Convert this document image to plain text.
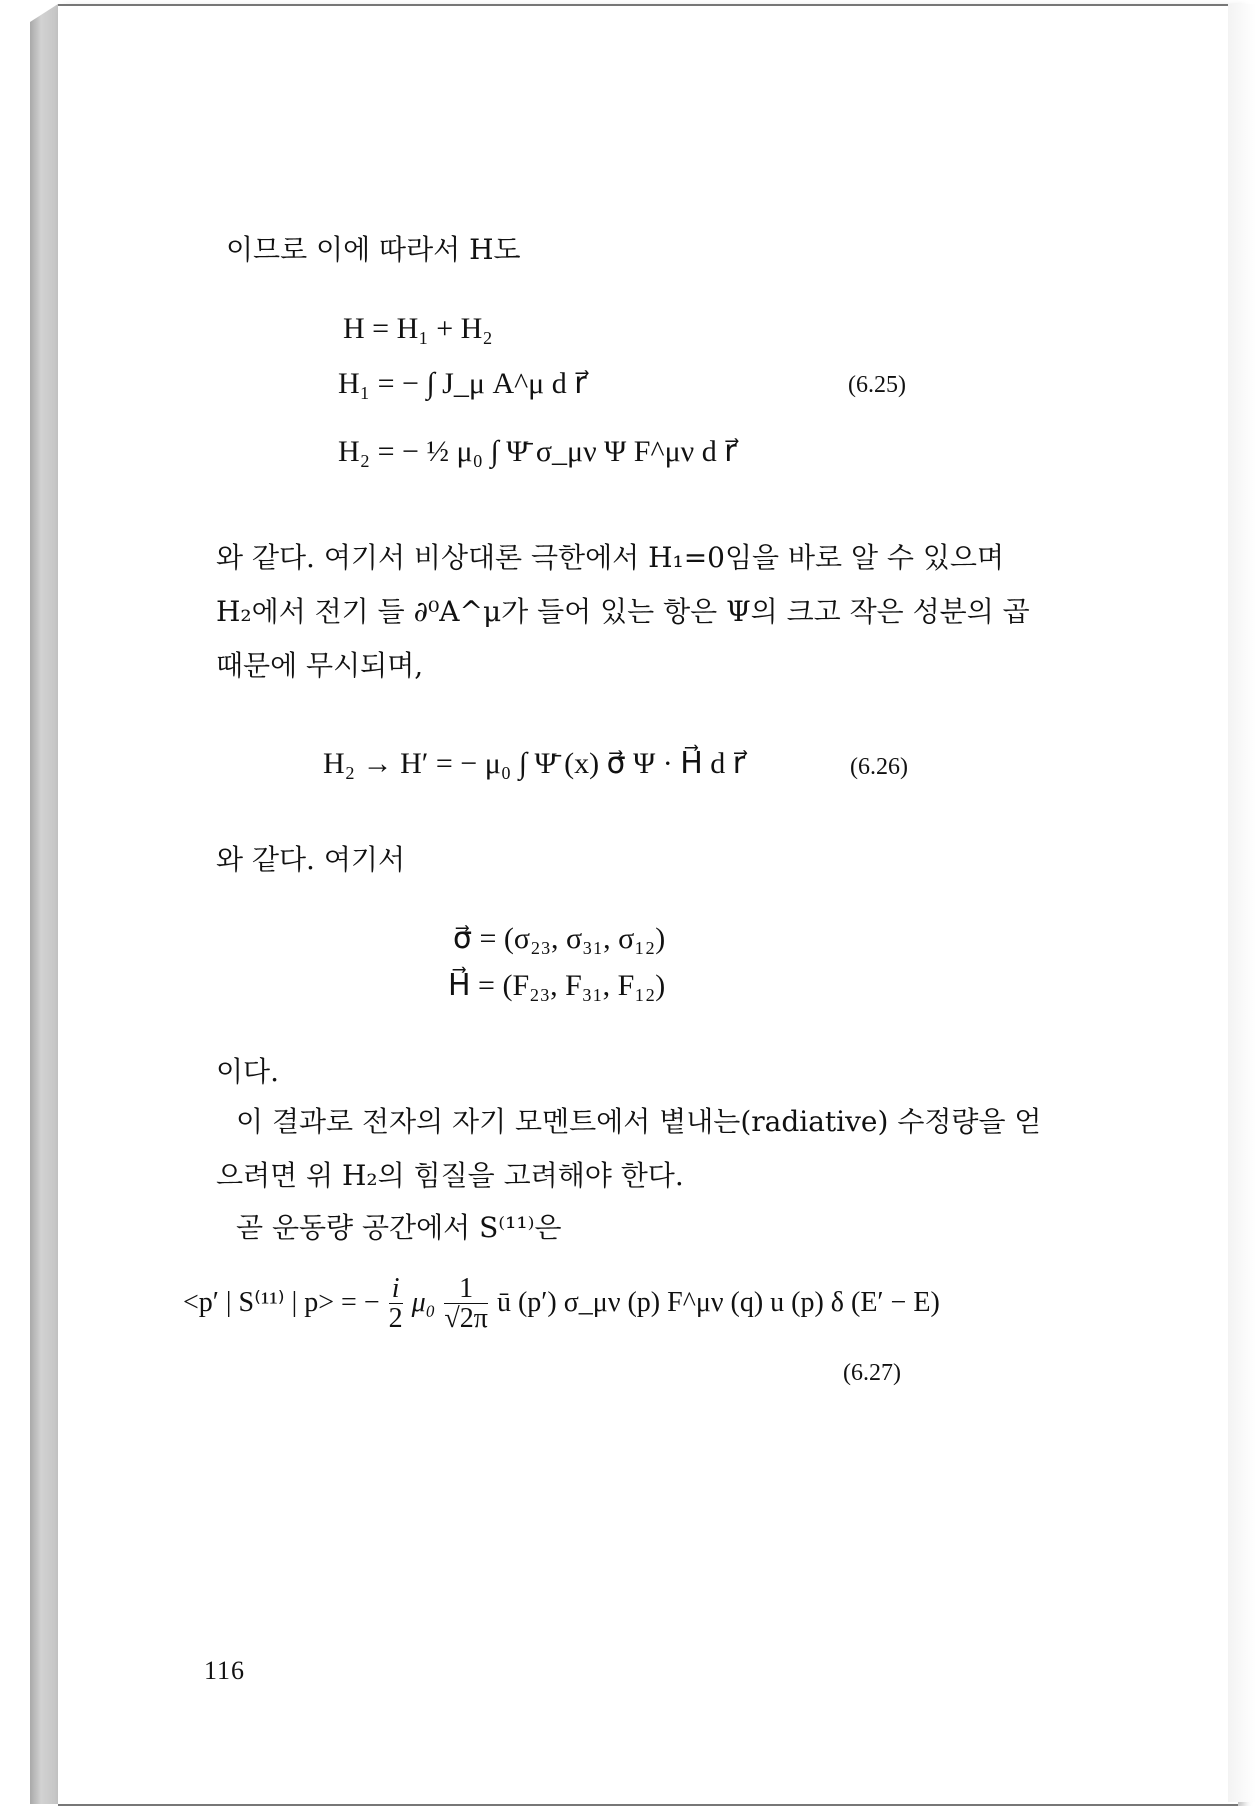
이므로 이에 따라서 H도
H = H₁ + H₂
H₁ = − ∫ J_μ A^μ d r⃗	(6.25)
H₂ = − ½ μ₀ ∫ Ψ̄ σ_μν Ψ F^μν d r⃗
와 같다. 여기서 비상대론 극한에서 H₁=0임을 바로 알 수 있으며
H₂에서 전기 들 ∂⁰A^μ가 들어 있는 항은 Ψ의 크고 작은 성분의 곱
때문에 무시되며,
H₂ → H′ = − μ₀ ∫ Ψ̄ (x) σ⃗ Ψ · H⃗ d r⃗	(6.26)
와 같다. 여기서
σ⃗ = (σ₂₃, σ₃₁, σ₁₂)
H⃗ = (F₂₃, F₃₁, F₁₂)
이다.
이 결과로 전자의 자기 모멘트에서 볕내는(radiative) 수정량을 얻
으려면 위 H₂의 힘질을 고려해야 한다.
곧 운동량 공간에서 S⁽¹¹⁾은
<p′ | S⁽¹¹⁾ | p> = − $\frac{i}{2} \mu_0 \frac{1}{√2\pi}$ ū (p′) σ_μν (p) F^μν (q) u (p) δ (E′ − E)
(6.27)
116
